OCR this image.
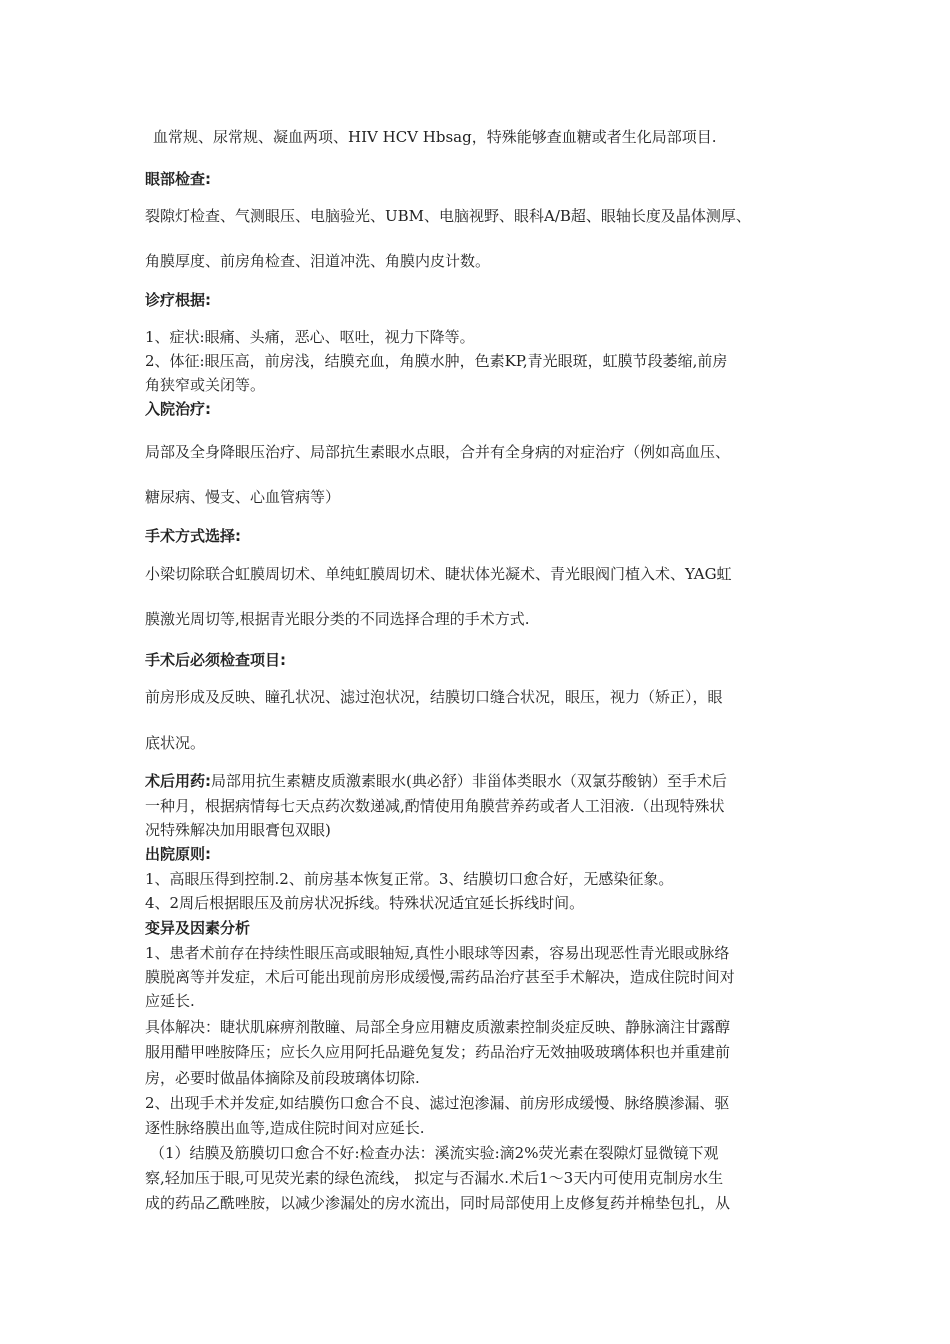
血常规、尿常规、凝血两项、HIV HCV Hbsag，特殊能够查血糖或者生化局部项目.
眼部检查:
裂隙灯检查、气测眼压、电脑验光、UBM、电脑视野、眼科A/B超、眼轴长度及晶体测厚、
角膜厚度、前房角检查、泪道冲洗、角膜内皮计数。
诊疗根据:
1、症状:眼痛、头痛，恶心、呕吐，视力下降等。
2、体征:眼压高，前房浅，结膜充血，角膜水肿，色素KP,青光眼斑，虹膜节段萎缩,前房
角狭窄或关闭等。
入院治疗:
局部及全身降眼压治疗、局部抗生素眼水点眼，合并有全身病的对症治疗（例如高血压、
糖尿病、慢支、心血管病等）
手术方式选择:
小梁切除联合虹膜周切术、单纯虹膜周切术、睫状体光凝术、青光眼阀门植入术、YAG虹
膜激光周切等,根据青光眼分类的不同选择合理的手术方式.
手术后必须检查项目:
前房形成及反映、瞳孔状况、滤过泡状况，结膜切口缝合状况，眼压，视力（矫正），眼
底状况。
术后用药:局部用抗生素糖皮质激素眼水(典必舒）非甾体类眼水（双氯芬酸钠）至手术后
一种月，根据病情每七天点药次数递减,酌情使用角膜营养药或者人工泪液.（出现特殊状
况特殊解决加用眼膏包双眼)
出院原则:
1、高眼压得到控制.2、前房基本恢复正常。3、结膜切口愈合好，无感染征象。
4、2周后根据眼压及前房状况拆线。特殊状况适宜延长拆线时间。
变异及因素分析
1、患者术前存在持续性眼压高或眼轴短,真性小眼球等因素，容易出现恶性青光眼或脉络
膜脱离等并发症，术后可能出现前房形成缓慢,需药品治疗甚至手术解决，造成住院时间对
应延长.
具体解决：睫状肌麻痹剂散瞳、局部全身应用糖皮质激素控制炎症反映、静脉滴注甘露醇
服用醋甲唑胺降压；应长久应用阿托品避免复发；药品治疗无效抽吸玻璃体积也并重建前
房，必要时做晶体摘除及前段玻璃体切除.
2、出现手术并发症,如结膜伤口愈合不良、滤过泡渗漏、前房形成缓慢、脉络膜渗漏、驱
逐性脉络膜出血等,造成住院时间对应延长.
（1）结膜及筋膜切口愈合不好:检查办法：溪流实验:滴2%荧光素在裂隙灯显微镜下观
察,轻加压于眼,可见荧光素的绿色流线， 拟定与否漏水.术后1～3天内可使用克制房水生
成的药品乙酰唑胺，以减少渗漏处的房水流出，同时局部使用上皮修复药并棉垫包扎，从
